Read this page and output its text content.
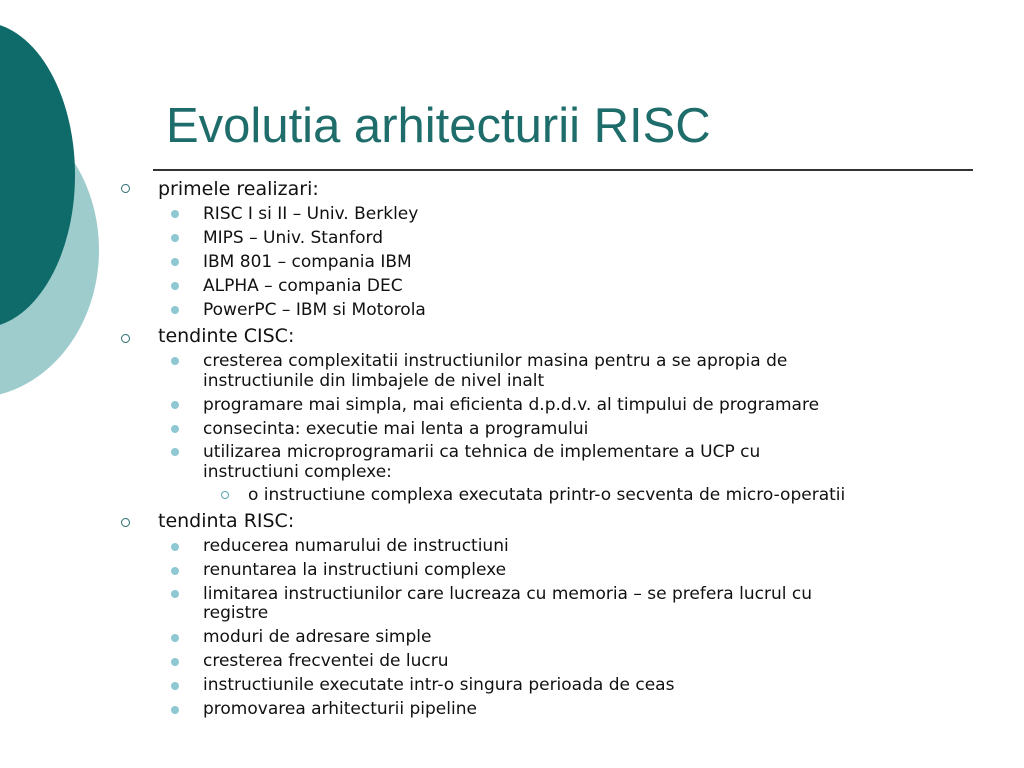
Evolutia arhitecturii RISC
primele realizari:
RISC I si II – Univ. Berkley
MIPS – Univ. Stanford
IBM 801 – compania IBM
ALPHA – compania DEC
PowerPC – IBM si Motorola
tendinte CISC:
cresterea complexitatii instructiunilor masina pentru a se apropia de
instructiunile din limbajele de nivel inalt
programare mai simpla, mai eficienta d.p.d.v. al timpului de programare
consecinta: executie mai lenta a programului
utilizarea microprogramarii ca tehnica de implementare a UCP cu
instructiuni complexe:
o instructiune complexa executata printr-o secventa de micro-operatii
tendinta RISC:
reducerea numarului de instructiuni
renuntarea la instructiuni complexe
limitarea instructiunilor care lucreaza cu memoria – se prefera lucrul cu
registre
moduri de adresare simple
cresterea frecventei de lucru
instructiunile executate intr-o singura perioada de ceas
promovarea arhitecturii pipeline
